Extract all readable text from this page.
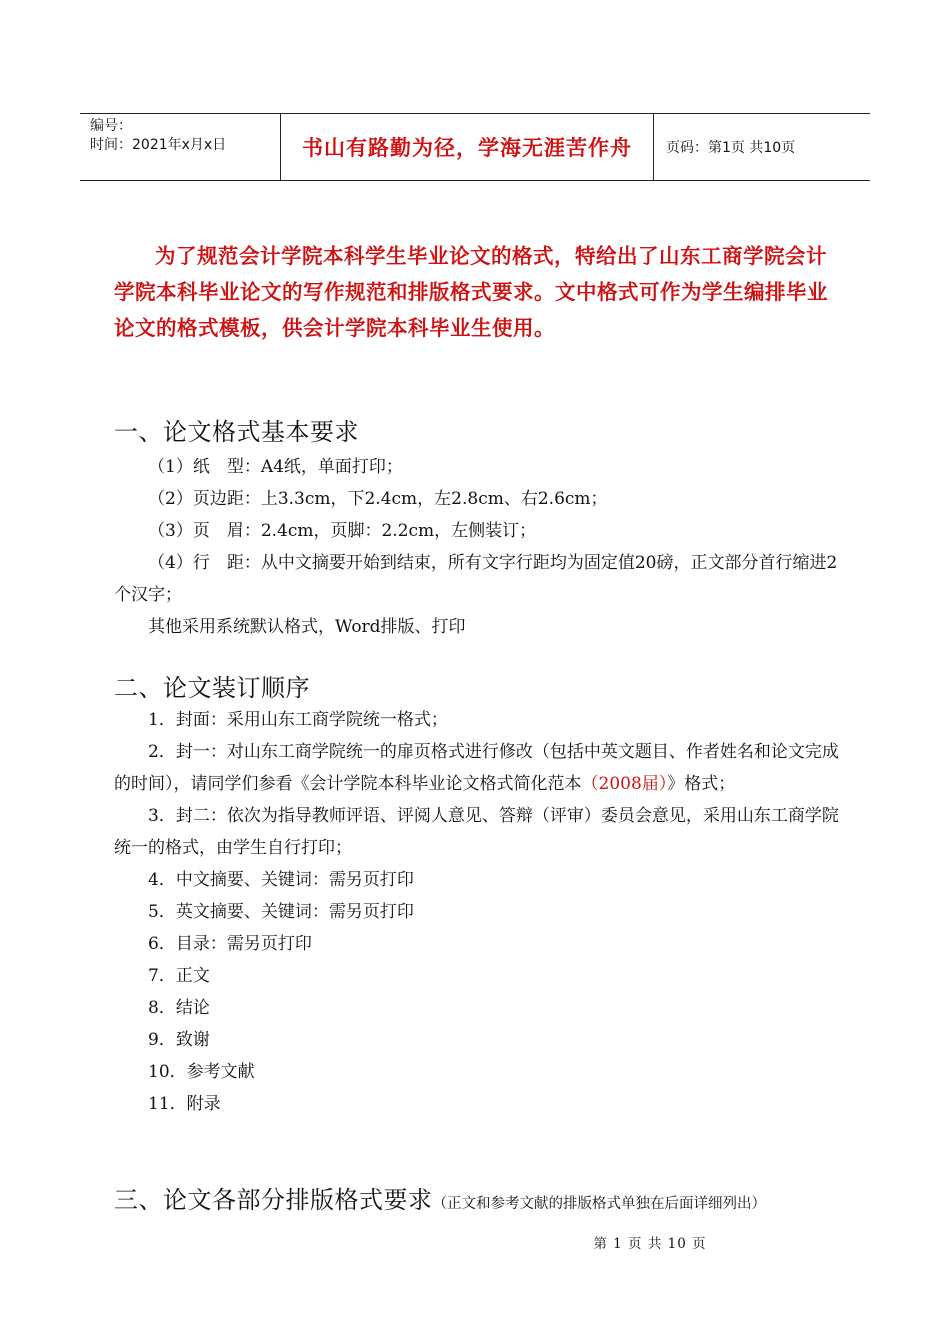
编号：
时间：2021年x月x日	书山有路勤为径，学海无涯苦作舟	页码：第1页 共10页

为了规范会计学院本科学生毕业论文的格式，特给出了山东工商学院会计学院本科毕业论文的写作规范和排版格式要求。文中格式可作为学生编排毕业论文的格式模板，供会计学院本科毕业生使用。

一、论文格式基本要求

（1）纸　型：A4纸，单面打印；

（2）页边距：上3.3cm，下2.4cm，左2.8cm、右2.6cm；

（3）页　眉：2.4cm，页脚：2.2cm，左侧装订；

（4）行　距：从中文摘要开始到结束，所有文字行距均为固定值20磅，正文部分首行缩进2个汉字；

其他采用系统默认格式，Word排版、打印

二、论文装订顺序

1．封面：采用山东工商学院统一格式；

2．封一：对山东工商学院统一的扉页格式进行修改（包括中英文题目、作者姓名和论文完成的时间），请同学们参看《会计学院本科毕业论文格式简化范本（2008届）》格式；

3．封二：依次为指导教师评语、评阅人意见、答辩（评审）委员会意见，采用山东工商学院统一的格式，由学生自行打印；

4．中文摘要、关键词：需另页打印

5．英文摘要、关键词：需另页打印

6．目录：需另页打印

7．正文

8．结论

9．致谢

10．参考文献

11．附录

三、论文各部分排版格式要求（正文和参考文献的排版格式单独在后面详细列出）
第 1 页 共 10 页
